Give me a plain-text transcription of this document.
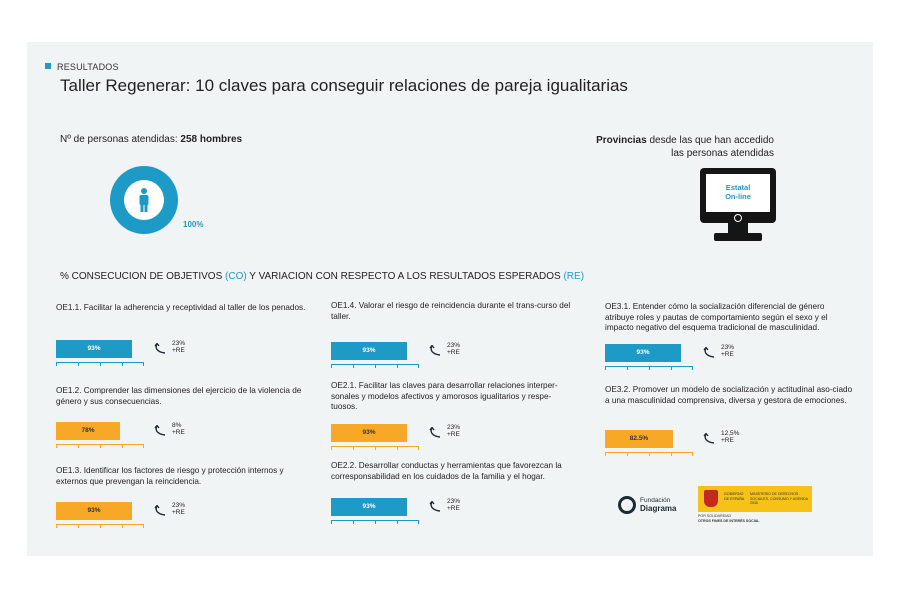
RESULTADOS
Taller Regenerar: 10 claves para conseguir relaciones de pareja igualitarias
Nº de personas atendidas: 258 hombres
100%
Provincias desde las que han accedido
las personas atendidas
Estatal
On-line
% CONSECUCION DE OBJETIVOS (CO) Y VARIACION CON RESPECTO A LOS RESULTADOS ESPERADOS (RE)
OE1.1. Facilitar la adherencia y receptividad al taller de los penados.
93%
23%
+RE
OE1.2. Comprender las dimensiones del ejercicio de la violencia de género y sus consecuencias.
78%
8%
+RE
OE1.3. Identificar los factores de riesgo y protección internos y externos que prevengan la reincidencia.
93%
23%
+RE
OE1.4. Valorar el riesgo de reincidencia durante el trans-curso del taller.
93%
23%
+RE
OE2.1. Facilitar las claves para desarrollar relaciones interper-sonales y modelos afectivos y amorosos igualitarios y respe-tuosos.
93%
23%
+RE
OE2.2. Desarrollar conductas y herramientas que favorezcan la corresponsabilidad en los cuidados de la familia y el hogar.
93%
23%
+RE
OE3.1. Entender cómo la socialización diferencial de género atribuye roles y pautas de comportamiento según el sexo y el impacto negativo del esquema tradicional de masculinidad.
93%
23%
+RE
OE3.2. Promover un modelo de socialización y actitudinal aso-ciado a una masculinidad comprensiva, diversa y gestora de emociones.
82.5%
12,5%
+RE
Fundación
Diagrama
GOBIERNO DE ESPAÑA
MINISTERIO DE DERECHOS SOCIALES, CONSUMO Y AGENDA 2030
POR SOLIDARIDAD
OTROS FINES DE INTERÉS SOCIAL
